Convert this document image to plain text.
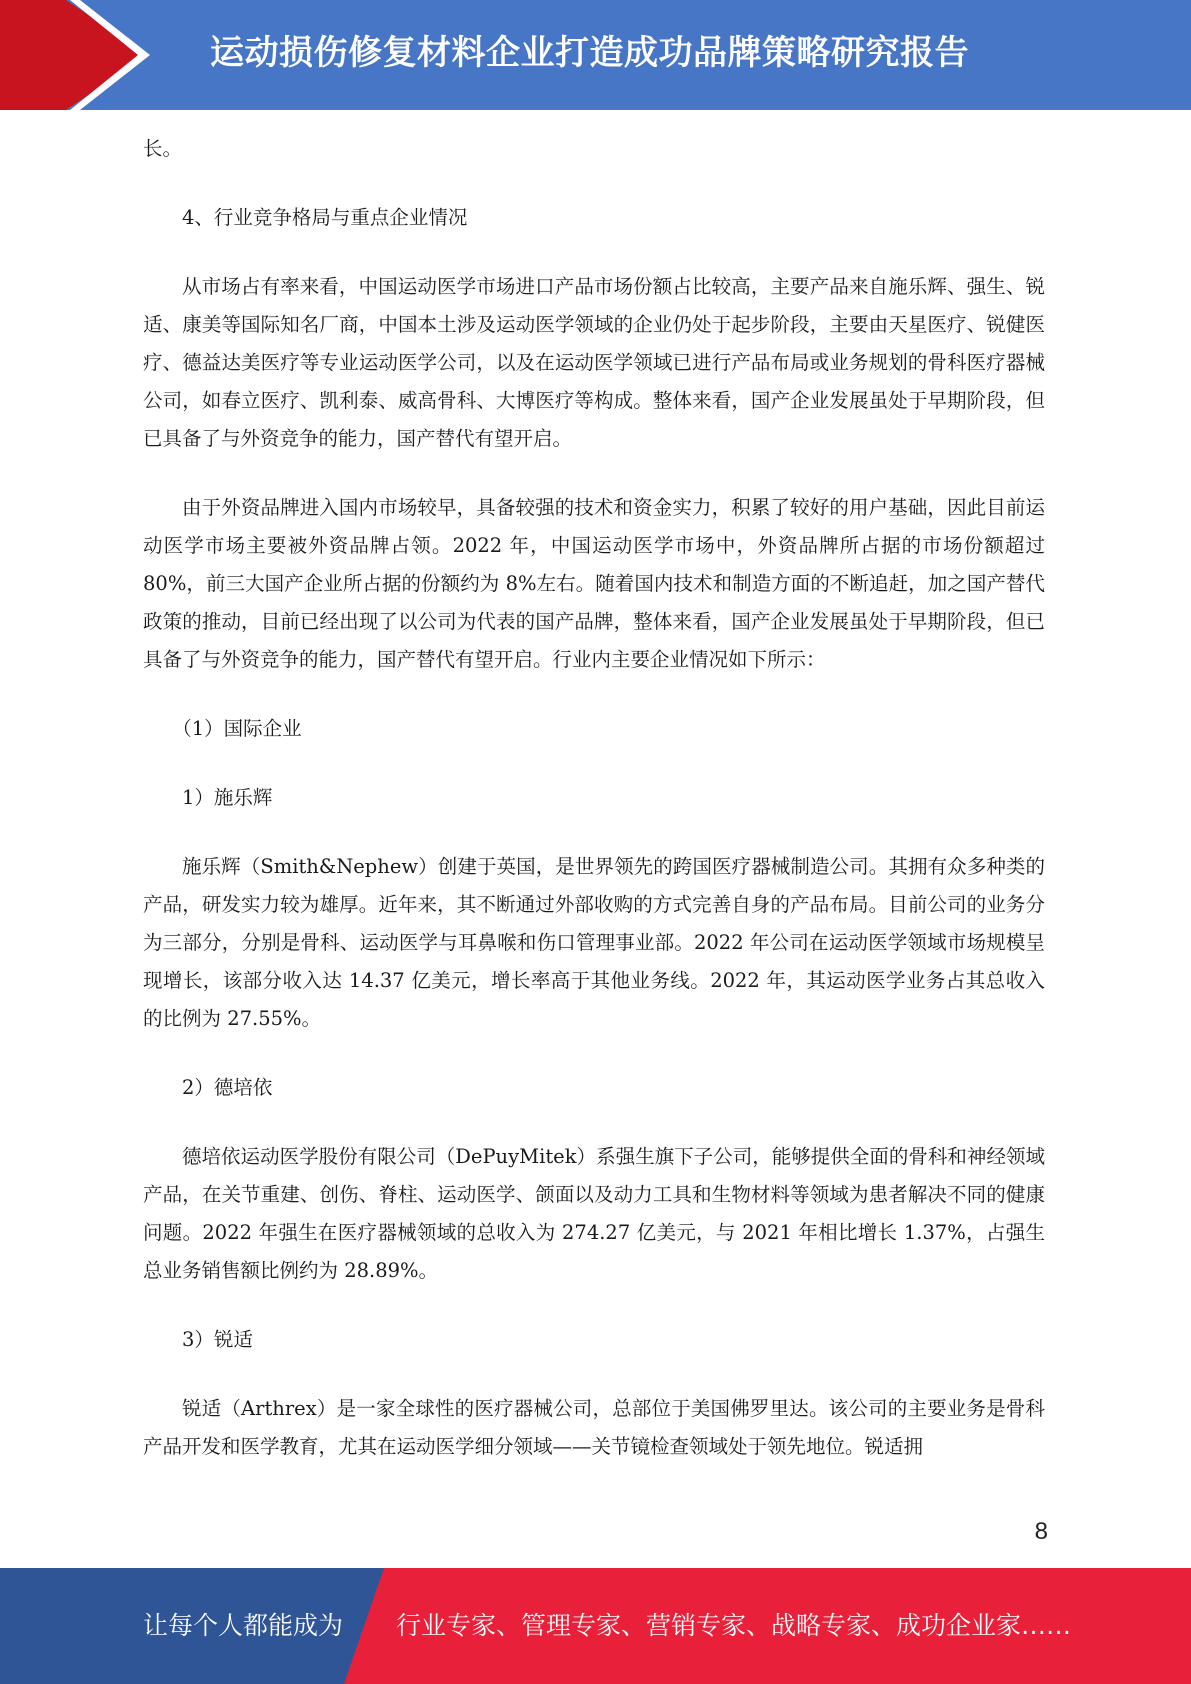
运动损伤修复材料企业打造成功品牌策略研究报告

长。

4、行业竞争格局与重点企业情况

从市场占有率来看，中国运动医学市场进口产品市场份额占比较高，主要产品来自施乐辉、强生、锐适、康美等国际知名厂商，中国本土涉及运动医学领域的企业仍处于起步阶段，主要由天星医疗、锐健医疗、德益达美医疗等专业运动医学公司，以及在运动医学领域已进行产品布局或业务规划的骨科医疗器械公司，如春立医疗、凯利泰、威高骨科、大博医疗等构成。整体来看，国产企业发展虽处于早期阶段，但已具备了与外资竞争的能力，国产替代有望开启。

由于外资品牌进入国内市场较早，具备较强的技术和资金实力，积累了较好的用户基础，因此目前运动医学市场主要被外资品牌占领。2022 年，中国运动医学市场中，外资品牌所占据的市场份额超过 80%，前三大国产企业所占据的份额约为 8%左右。随着国内技术和制造方面的不断追赶，加之国产替代政策的推动，目前已经出现了以公司为代表的国产品牌，整体来看，国产企业发展虽处于早期阶段，但已具备了与外资竞争的能力，国产替代有望开启。行业内主要企业情况如下所示：

（1）国际企业

1）施乐辉

施乐辉（Smith&Nephew）创建于英国，是世界领先的跨国医疗器械制造公司。其拥有众多种类的产品，研发实力较为雄厚。近年来，其不断通过外部收购的方式完善自身的产品布局。目前公司的业务分为三部分，分别是骨科、运动医学与耳鼻喉和伤口管理事业部。2022 年公司在运动医学领域市场规模呈现增长，该部分收入达 14.37 亿美元，增长率高于其他业务线。2022 年，其运动医学业务占其总收入的比例为 27.55%。

2）德培依

德培依运动医学股份有限公司（DePuyMitek）系强生旗下子公司，能够提供全面的骨科和神经领域产品，在关节重建、创伤、脊柱、运动医学、颌面以及动力工具和生物材料等领域为患者解决不同的健康问题。2022 年强生在医疗器械领域的总收入为 274.27 亿美元，与 2021 年相比增长 1.37%，占强生总业务销售额比例约为 28.89%。

3）锐适

锐适（Arthrex）是一家全球性的医疗器械公司，总部位于美国佛罗里达。该公司的主要业务是骨科产品开发和医学教育，尤其在运动医学细分领域——关节镜检查领域处于领先地位。锐适拥

8
让每个人都能成为 行业专家、管理专家、营销专家、战略专家、成功企业家……
